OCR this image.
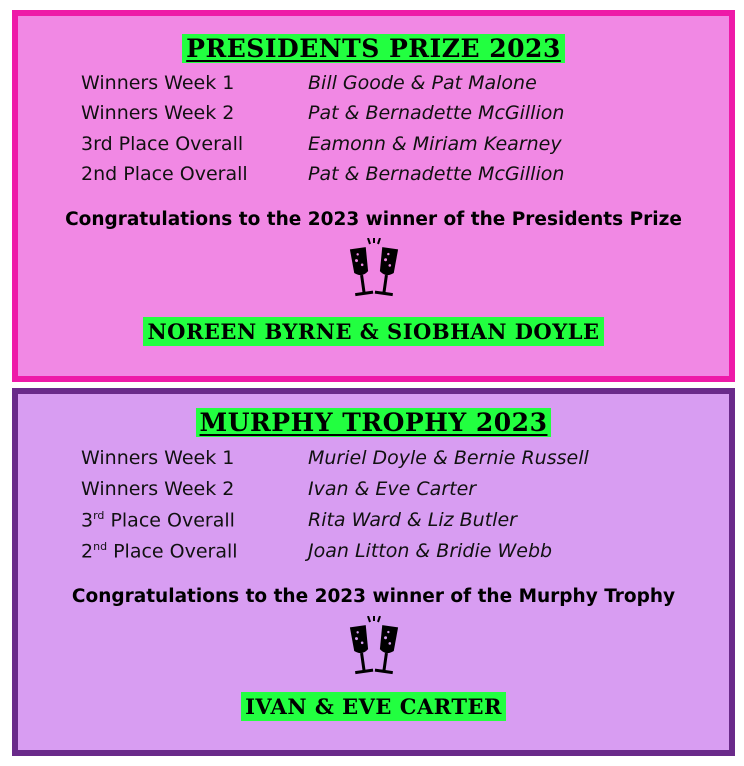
PRESIDENTS PRIZE 2023
Winners Week 1	Bill Goode & Pat Malone
Winners Week 2	Pat & Bernadette McGillion
3rd Place Overall	Eamonn & Miriam Kearney
2nd Place Overall	Pat & Bernadette McGillion
Congratulations to the 2023 winner of the Presidents Prize
NOREEN BYRNE & SIOBHAN DOYLE
MURPHY TROPHY 2023
Winners Week 1	Muriel Doyle & Bernie Russell
Winners Week 2	Ivan & Eve Carter
3rd Place Overall	Rita Ward & Liz Butler
2nd Place Overall	Joan Litton & Bridie Webb
Congratulations to the 2023 winner of the Murphy Trophy
IVAN & EVE CARTER
